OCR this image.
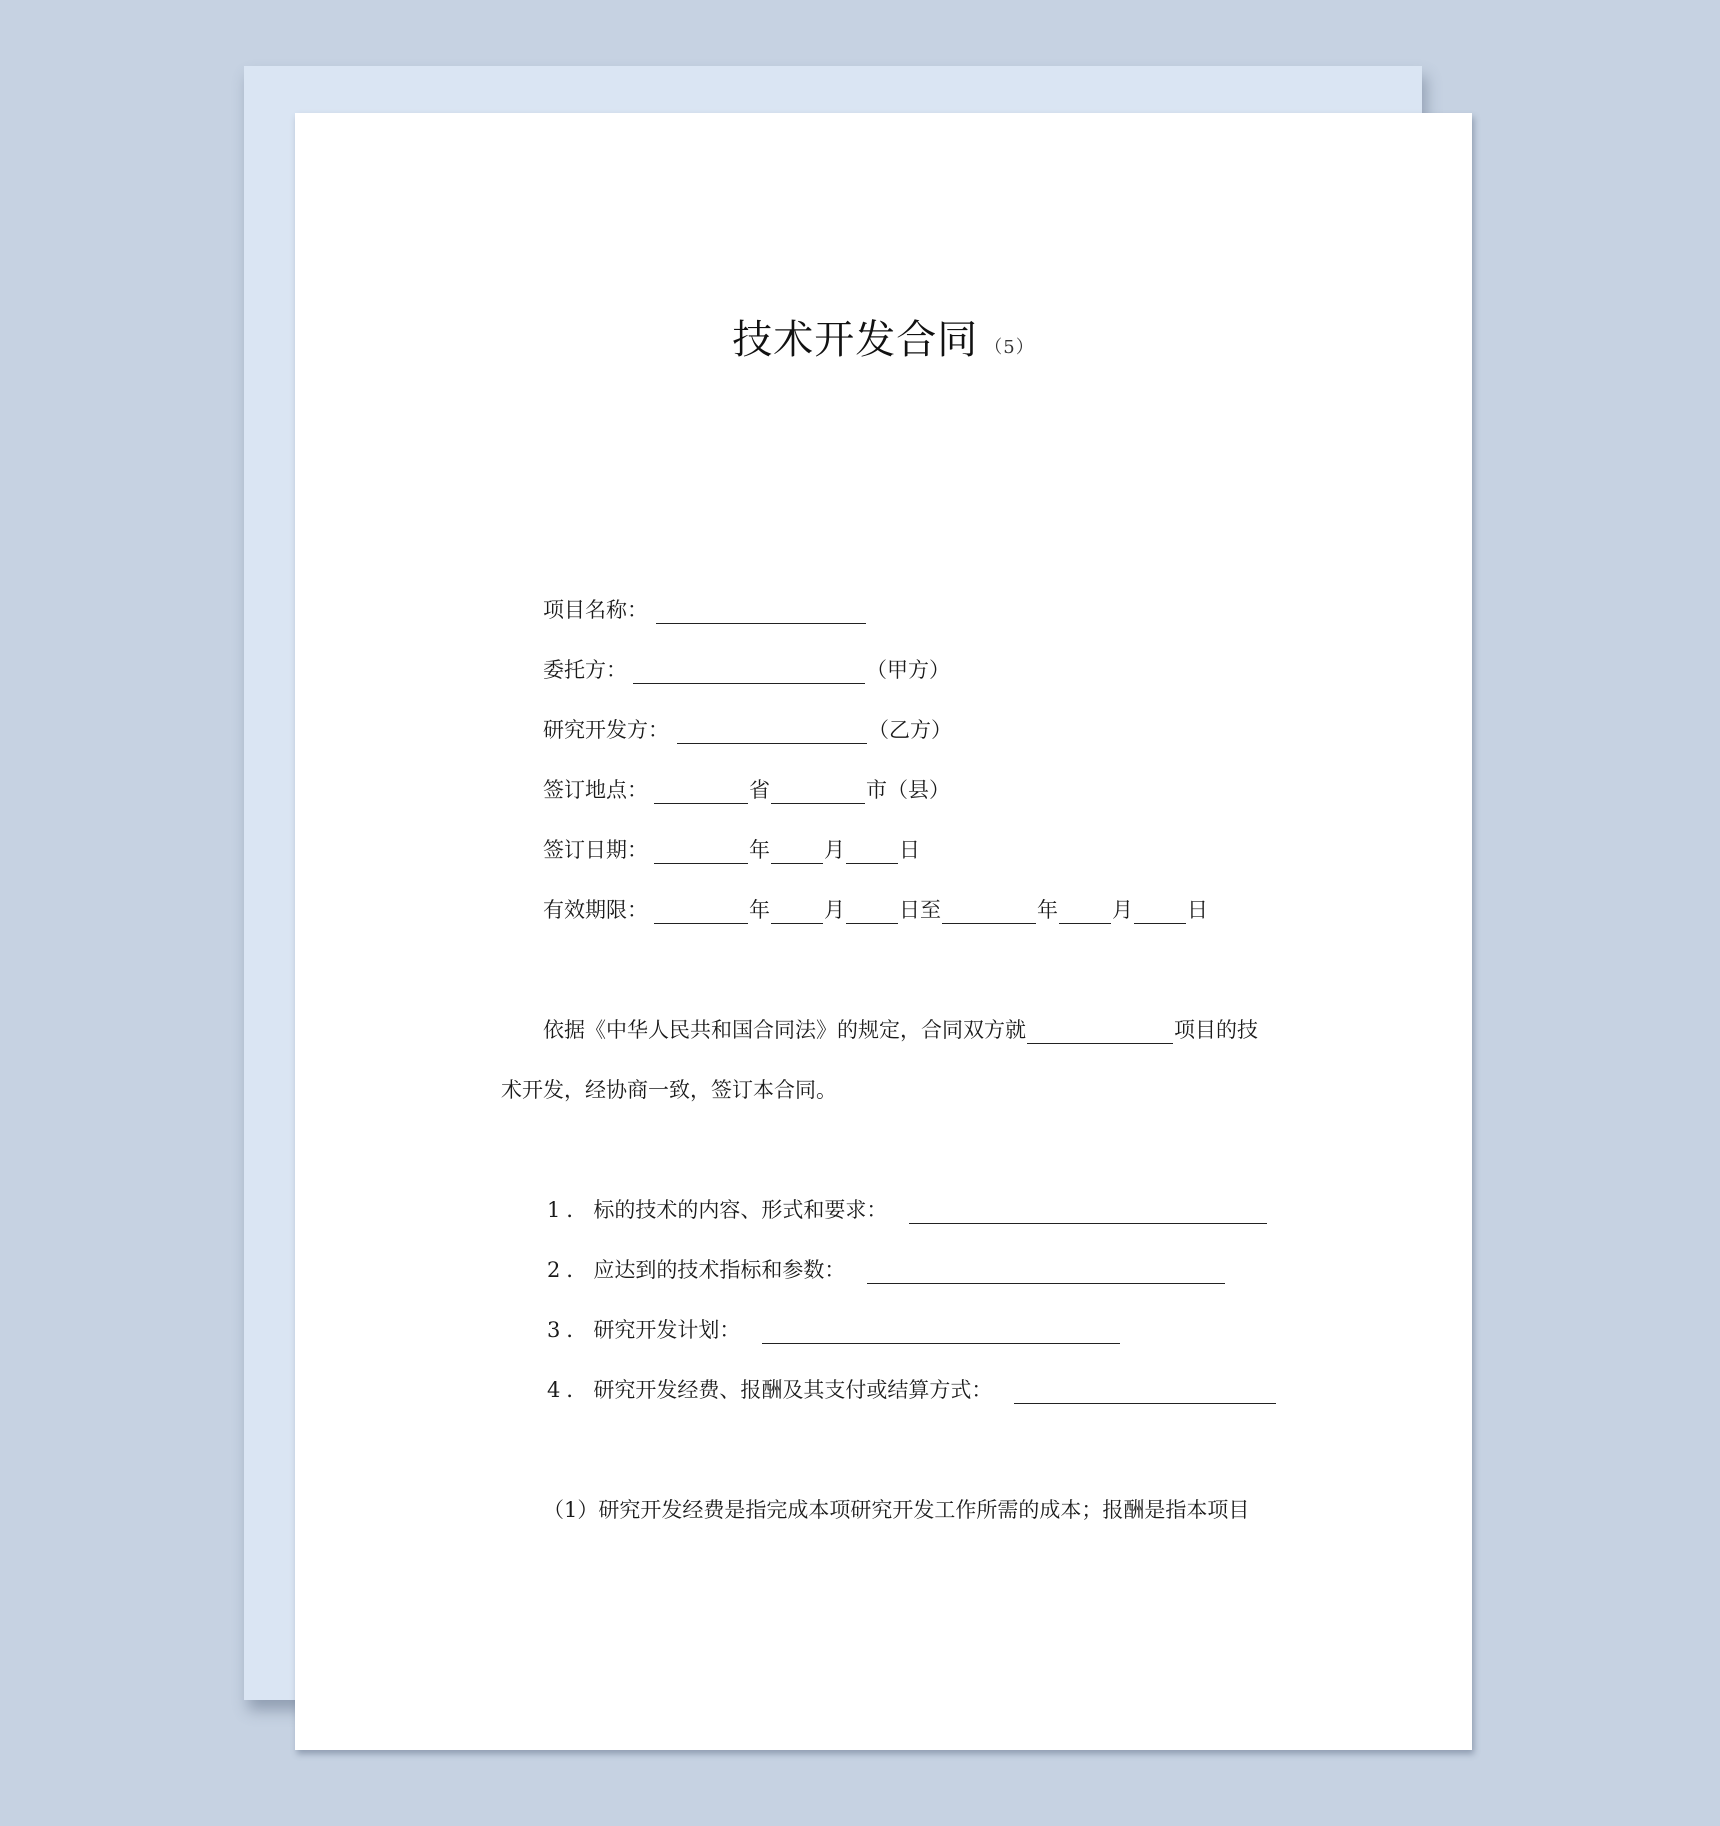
技术开发合同 （5）
项目名称：
委托方：	（甲方）
研究开发方：	（乙方）
签订地点：	省	市（县）
签订日期：	年	月	日
有效期限：	年	月	日至	年	月	日
依据《中华人民共和国合同法》的规定，合同双方就	项目的技
术开发，经协商一致，签订本合同。
1． 标的技术的内容、形式和要求：
2． 应达到的技术指标和参数：
3． 研究开发计划：
4． 研究开发经费、报酬及其支付或结算方式：
（1） 研究开发经费是指完成本项研究开发工作所需的成本；报酬是指本项目
